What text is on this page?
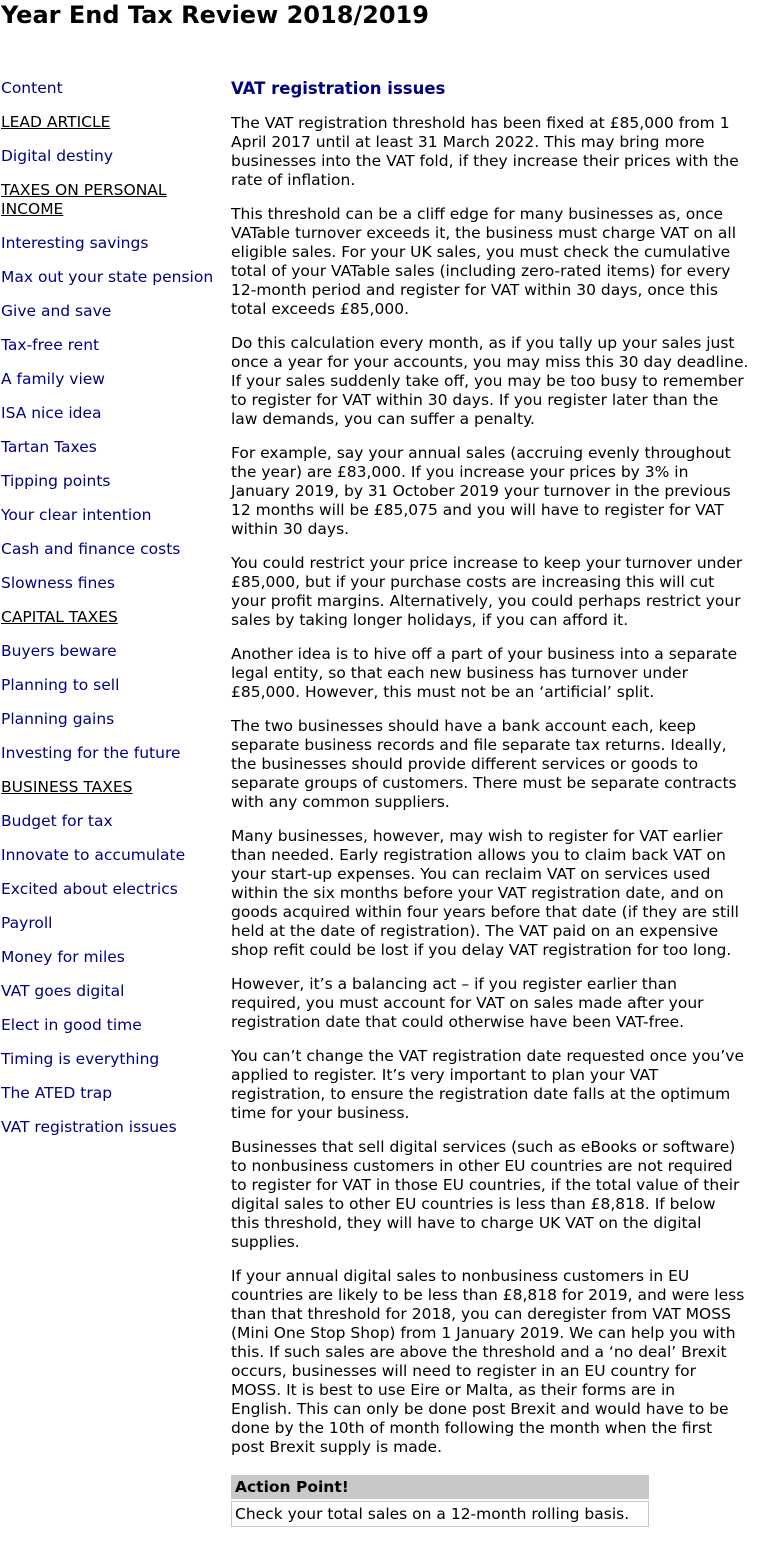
Year End Tax Review 2018/2019
Content
LEAD ARTICLE
Digital destiny
TAXES ON PERSONAL INCOME
Interesting savings
Max out your state pension
Give and save
Tax-free rent
A family view
ISA nice idea
Tartan Taxes
Tipping points
Your clear intention
Cash and finance costs
Slowness fines
CAPITAL TAXES
Buyers beware
Planning to sell
Planning gains
Investing for the future
BUSINESS TAXES
Budget for tax
Innovate to accumulate
Excited about electrics
Payroll
Money for miles
VAT goes digital
Elect in good time
Timing is everything
The ATED trap
VAT registration issues
VAT registration issues

The VAT registration threshold has been fixed at £85,000 from 1
April 2017 until at least 31 March 2022. This may bring more
businesses into the VAT fold, if they increase their prices with the
rate of inflation.

This threshold can be a cliff edge for many businesses as, once
VATable turnover exceeds it, the business must charge VAT on all
eligible sales. For your UK sales, you must check the cumulative
total of your VATable sales (including zero-rated items) for every
12-month period and register for VAT within 30 days, once this
total exceeds £85,000.

Do this calculation every month, as if you tally up your sales just
once a year for your accounts, you may miss this 30 day deadline.
If your sales suddenly take off, you may be too busy to remember
to register for VAT within 30 days. If you register later than the
law demands, you can suffer a penalty.

For example, say your annual sales (accruing evenly throughout
the year) are £83,000. If you increase your prices by 3% in
January 2019, by 31 October 2019 your turnover in the previous
12 months will be £85,075 and you will have to register for VAT
within 30 days.

You could restrict your price increase to keep your turnover under
£85,000, but if your purchase costs are increasing this will cut
your profit margins. Alternatively, you could perhaps restrict your
sales by taking longer holidays, if you can afford it.

Another idea is to hive off a part of your business into a separate
legal entity, so that each new business has turnover under
£85,000. However, this must not be an ‘artificial’ split.

The two businesses should have a bank account each, keep
separate business records and file separate tax returns. Ideally,
the businesses should provide different services or goods to
separate groups of customers. There must be separate contracts
with any common suppliers.

Many businesses, however, may wish to register for VAT earlier
than needed. Early registration allows you to claim back VAT on
your start-up expenses. You can reclaim VAT on services used
within the six months before your VAT registration date, and on
goods acquired within four years before that date (if they are still
held at the date of registration). The VAT paid on an expensive
shop refit could be lost if you delay VAT registration for too long.

However, it’s a balancing act – if you register earlier than
required, you must account for VAT on sales made after your
registration date that could otherwise have been VAT-free.

You can’t change the VAT registration date requested once you’ve
applied to register. It’s very important to plan your VAT
registration, to ensure the registration date falls at the optimum
time for your business.

Businesses that sell digital services (such as eBooks or software)
to nonbusiness customers in other EU countries are not required
to register for VAT in those EU countries, if the total value of their
digital sales to other EU countries is less than £8,818. If below
this threshold, they will have to charge UK VAT on the digital
supplies.

If your annual digital sales to nonbusiness customers in EU
countries are likely to be less than £8,818 for 2019, and were less
than that threshold for 2018, you can deregister from VAT MOSS
(Mini One Stop Shop) from 1 January 2019. We can help you with
this. If such sales are above the threshold and a ‘no deal’ Brexit
occurs, businesses will need to register in an EU country for
MOSS. It is best to use Eire or Malta, as their forms are in
English. This can only be done post Brexit and would have to be
done by the 10th of month following the month when the first
post Brexit supply is made.

Action Point!
Check your total sales on a 12-month rolling basis.
